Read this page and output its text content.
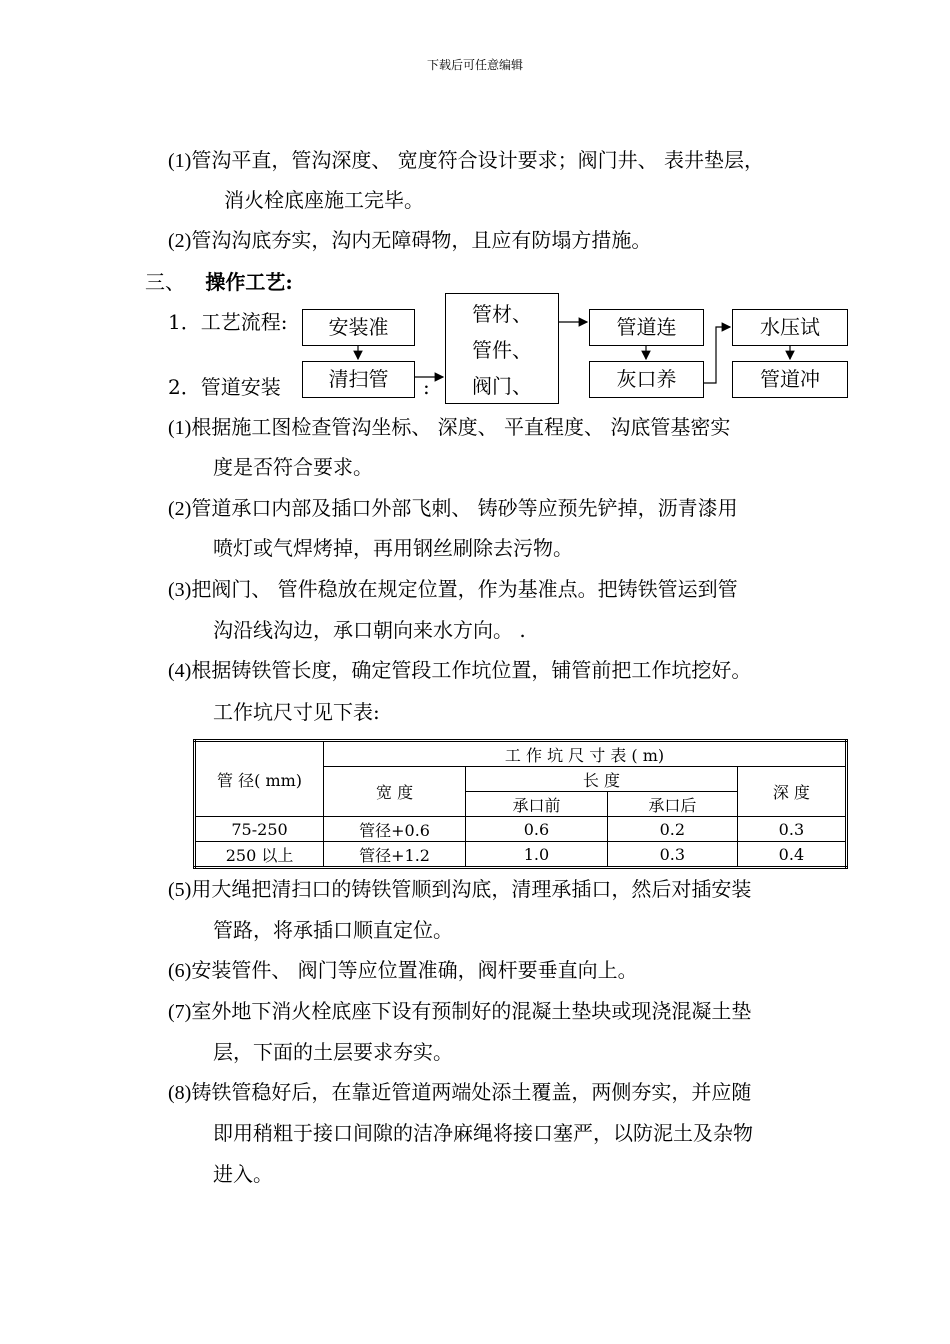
下载后可任意编辑
(1)管沟平直，管沟深度、 宽度符合设计要求；阀门井、 表井垫层，
消火栓底座施工完毕。
(2)管沟沟底夯实，沟内无障碍物，且应有防塌方措施。
三、 操作工艺:
1．工艺流程:
2．管道安装	:
安装准
清扫管
管材、
管件、
阀门、
管道连
灰口养
水压试
管道冲
(1)根据施工图检查管沟坐标、 深度、 平直程度、 沟底管基密实
度是否符合要求。
(2)管道承口内部及插口外部飞刺、 铸砂等应预先铲掉，沥青漆用
喷灯或气焊烤掉，再用钢丝刷除去污物。
(3)把阀门、 管件稳放在规定位置，作为基准点。把铸铁管运到管
沟沿线沟边，承口朝向来水方向。 .
(4)根据铸铁管长度，确定管段工作坑位置，铺管前把工作坑挖好。
工作坑尺寸见下表:
管 径( mm)	工 作 坑 尺 寸 表 ( m)			
	宽 度	长 度		深 度
		承口前	承口后	
75-250	管径+0.6	0.6	0.2	0.3
250 以上	管径+1.2	1.0	0.3	0.4
(5)用大绳把清扫口的铸铁管顺到沟底，清理承插口，然后对插安装
管路，将承插口顺直定位。
(6)安装管件、 阀门等应位置准确，阀杆要垂直向上。
(7)室外地下消火栓底座下设有预制好的混凝土垫块或现浇混凝土垫
层，下面的土层要求夯实。
(8)铸铁管稳好后，在靠近管道两端处添土覆盖，两侧夯实，并应随
即用稍粗于接口间隙的洁净麻绳将接口塞严，以防泥土及杂物
进入。
